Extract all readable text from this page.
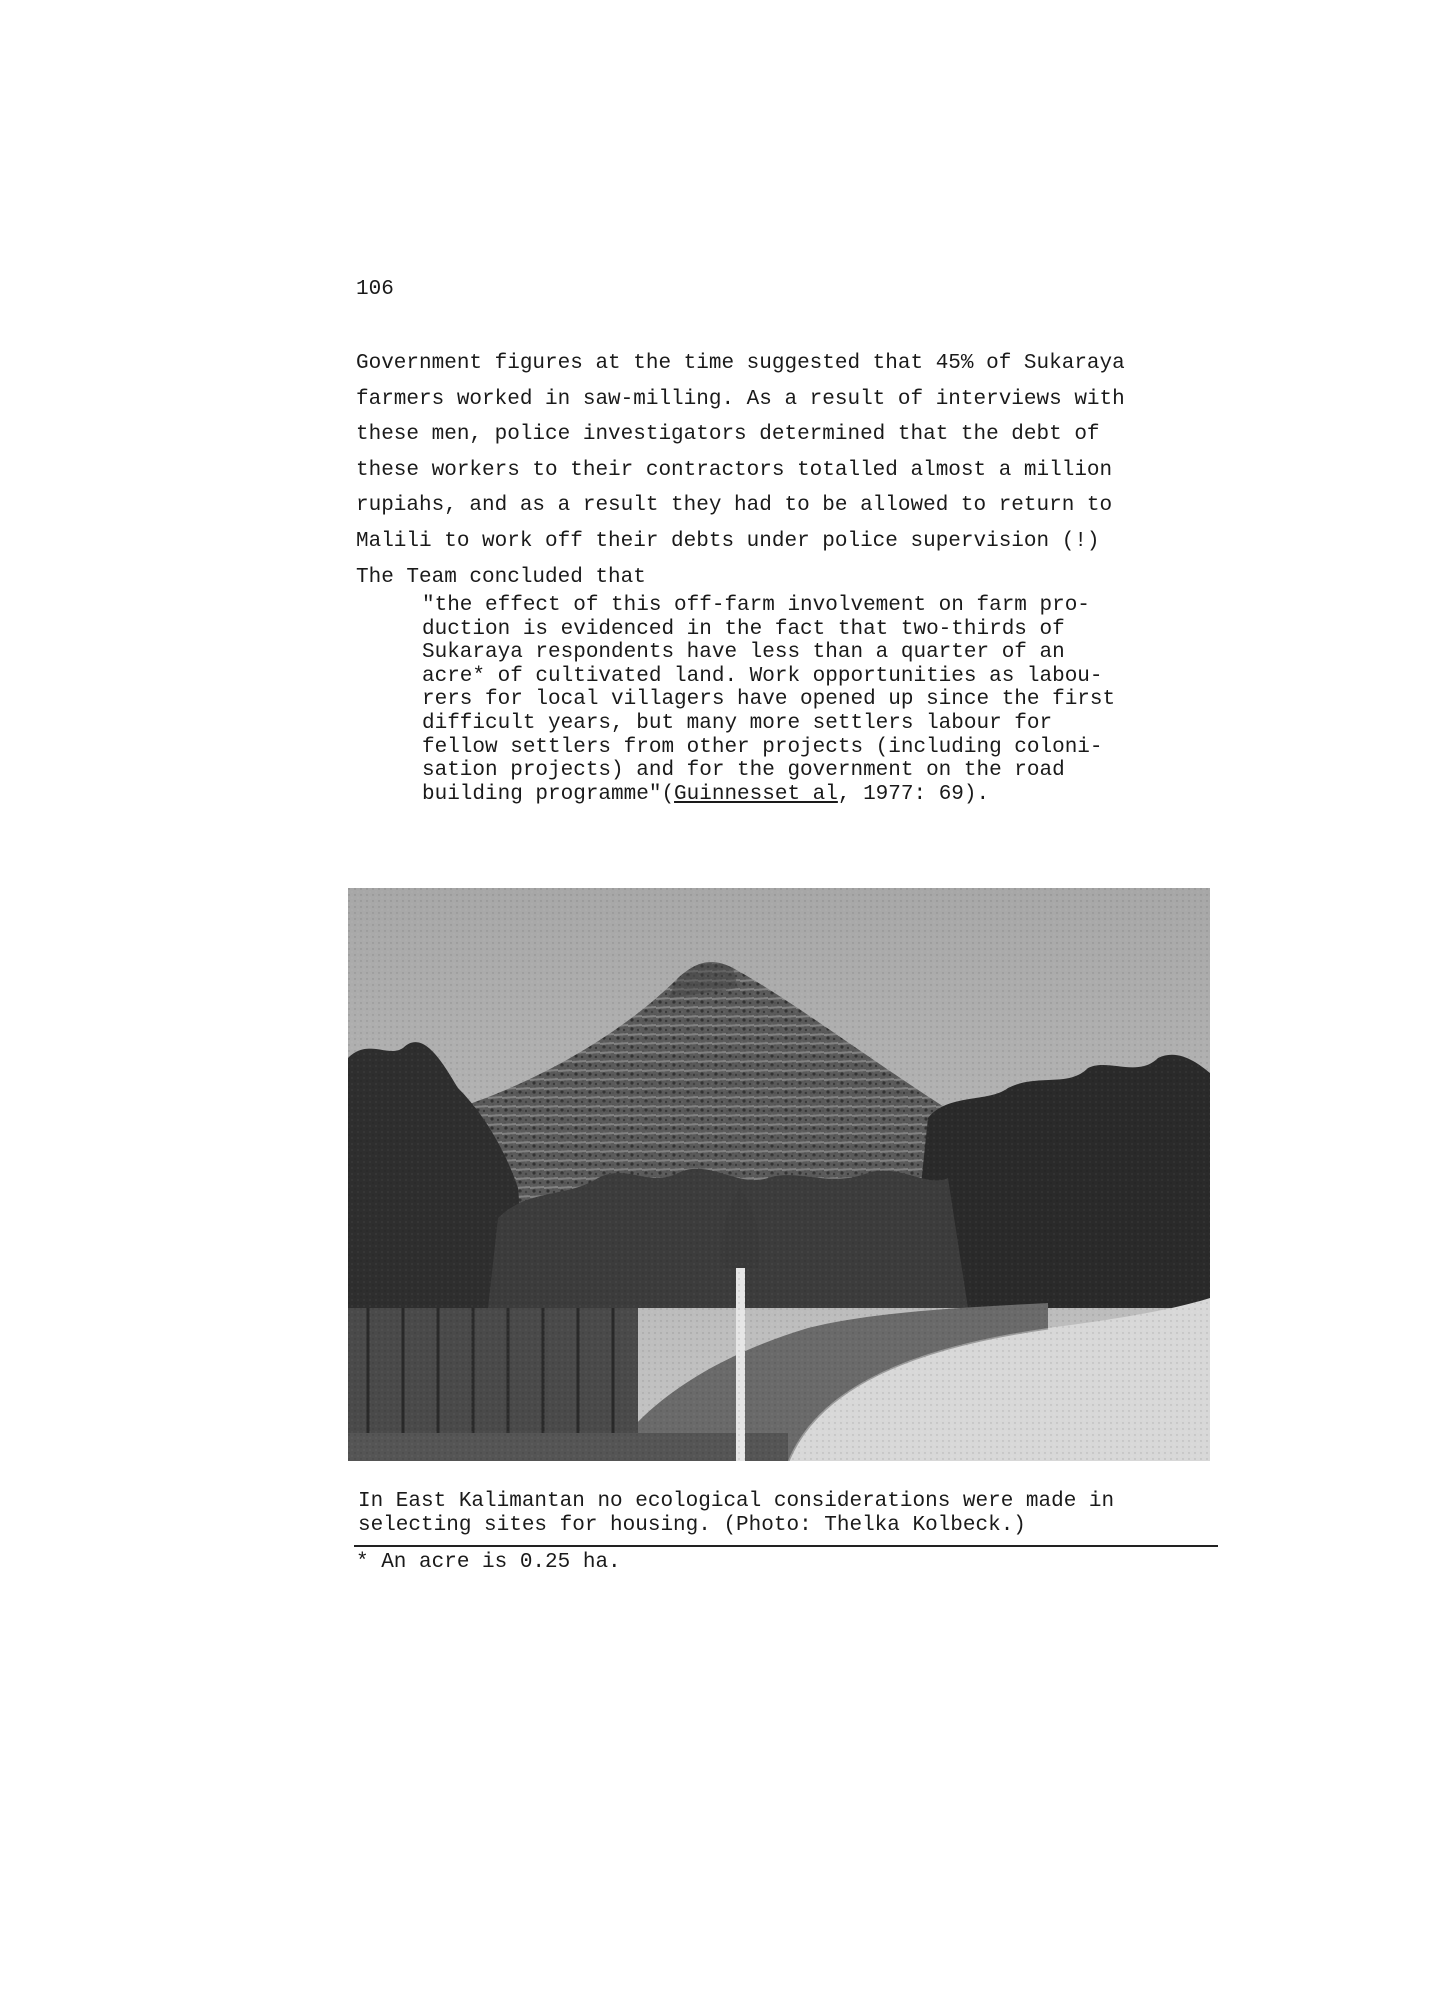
106
Government figures at the time suggested that 45% of Sukaraya
farmers worked in saw-milling. As a result of interviews with
these men, police investigators determined that the debt of
these workers to their contractors totalled almost a million
rupiahs, and as a result they had to be allowed to return to
Malili to work off their debts under police supervision (!)
The Team concluded that
"the effect of this off-farm involvement on farm pro-
duction is evidenced in the fact that two-thirds of
Sukaraya respondents have less than a quarter of an
acre* of cultivated land. Work opportunities as labou-
rers for local villagers have opened up since the first
difficult years, but many more settlers labour for
fellow settlers from other projects (including coloni-
sation projects) and for the government on the road
building programme"(Guinnesset al, 1977: 69).
In East Kalimantan no ecological considerations were made in
selecting sites for housing. (Photo: Thelka Kolbeck.)
* An acre is 0.25 ha.
